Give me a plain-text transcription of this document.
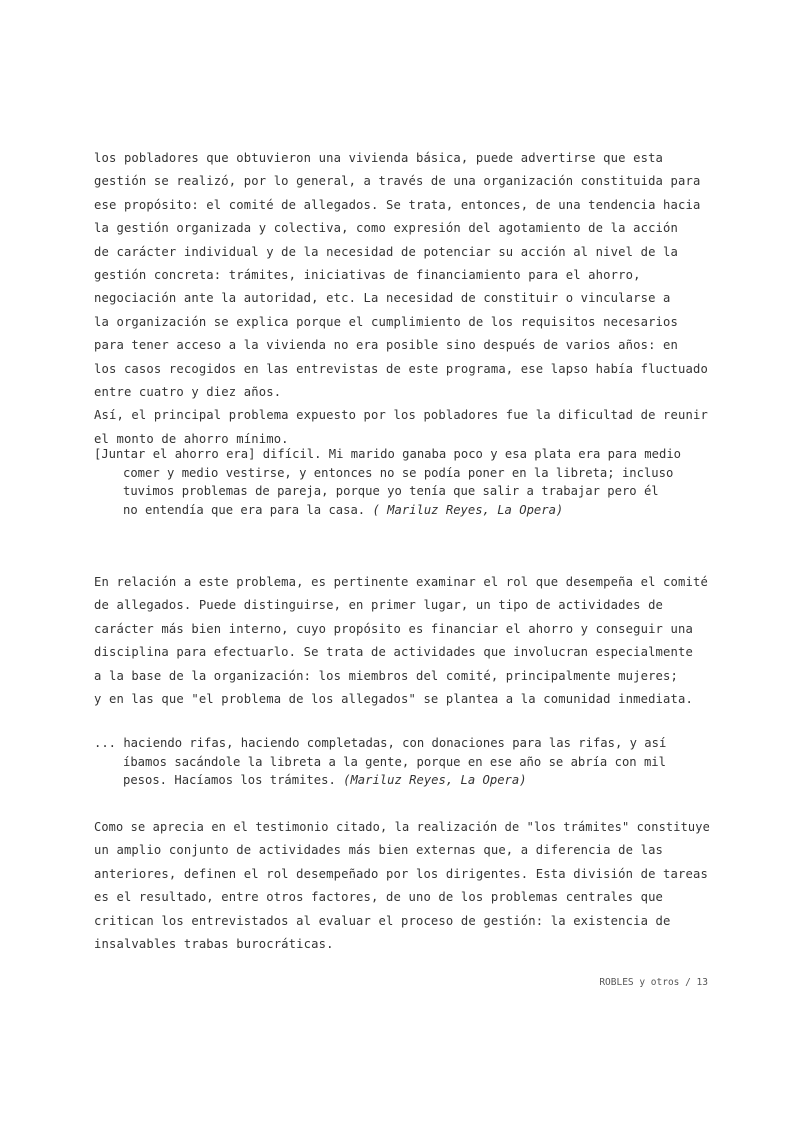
los pobladores que obtuvieron una vivienda básica, puede advertirse que esta
gestión se realizó, por lo general, a través de una organización constituida para
ese propósito: el comité de allegados. Se trata, entonces, de una tendencia hacia
la gestión organizada y colectiva, como expresión del agotamiento de la acción
de carácter individual y de la necesidad de potenciar su acción al nivel de la
gestión concreta: trámites, iniciativas de financiamiento para el ahorro,
negociación ante la autoridad, etc. La necesidad de constituir o vincularse a
la organización se explica porque el cumplimiento de los requisitos necesarios
para tener acceso a la vivienda no era posible sino después de varios años: en
los casos recogidos en las entrevistas de este programa, ese lapso había fluctuado
entre cuatro y diez años.
Así, el principal problema expuesto por los pobladores fue la dificultad de reunir
el monto de ahorro mínimo.
[Juntar el ahorro era] difícil. Mi marido ganaba poco y esa plata era para medio
comer y medio vestirse, y entonces no se podía poner en la libreta; incluso
tuvimos problemas de pareja, porque yo tenía que salir a trabajar pero él
no entendía que era para la casa. ( Mariluz Reyes, La Opera)
En relación a este problema, es pertinente examinar el rol que desempeña el comité
de allegados. Puede distinguirse, en primer lugar, un tipo de actividades de
carácter más bien interno, cuyo propósito es financiar el ahorro y conseguir una
disciplina para efectuarlo. Se trata de actividades que involucran especialmente
a la base de la organización: los miembros del comité, principalmente mujeres;
y en las que "el problema de los allegados" se plantea a la comunidad inmediata.
... haciendo rifas, haciendo completadas, con donaciones para las rifas, y así
íbamos sacándole la libreta a la gente, porque en ese año se abría con mil
pesos. Hacíamos los trámites. (Mariluz Reyes, La Opera)
Como se aprecia en el testimonio citado, la realización de "los trámites" constituye
un amplio conjunto de actividades más bien externas que, a diferencia de las
anteriores, definen el rol desempeñado por los dirigentes. Esta división de tareas
es el resultado, entre otros factores, de uno de los problemas centrales que
critican los entrevistados al evaluar el proceso de gestión: la existencia de
insalvables trabas burocráticas.
ROBLES y otros / 13
